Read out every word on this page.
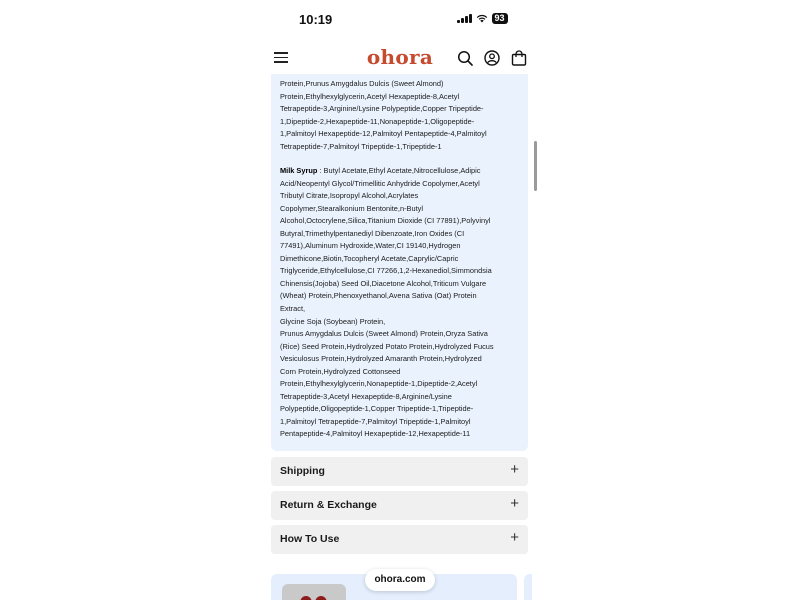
10:19	93
ohora
Protein,Prunus Amygdalus Dulcis (Sweet Almond)
Protein,Ethylhexylglycerin,Acetyl Hexapeptide-8,Acetyl
Tetrapeptide-3,Arginine/Lysine Polypeptide,Copper Tripeptide-
1,Dipeptide-2,Hexapeptide-11,Nonapeptide-1,Oligopeptide-
1,Palmitoyl Hexapeptide-12,Palmitoyl Pentapeptide-4,Palmitoyl
Tetrapeptide-7,Palmitoyl Tripeptide-1,Tripeptide-1
Milk Syrup : Butyl Acetate,Ethyl Acetate,Nitrocellulose,Adipic
Acid/Neopentyl Glycol/Trimellitic Anhydride Copolymer,Acetyl
Tributyl Citrate,Isopropyl Alcohol,Acrylates
Copolymer,Stearalkonium Bentonite,n-Butyl
Alcohol,Octocrylene,Silica,Titanium Dioxide (CI 77891),Polyvinyl
Butyral,Trimethylpentanediyl Dibenzoate,Iron Oxides (CI
77491),Aluminum Hydroxide,Water,CI 19140,Hydrogen
Dimethicone,Biotin,Tocopheryl Acetate,Caprylic/Capric
Triglyceride,Ethylcellulose,CI 77266,1,2-Hexanediol,Simmondsia
Chinensis(Jojoba) Seed Oil,Diacetone Alcohol,Triticum Vulgare
(Wheat) Protein,Phenoxyethanol,Avena Sativa (Oat) Protein
Extract,
Glycine Soja (Soybean) Protein,
Prunus Amygdalus Dulcis (Sweet Almond) Protein,Oryza Sativa
(Rice) Seed Protein,Hydrolyzed Potato Protein,Hydrolyzed Fucus
Vesiculosus Protein,Hydrolyzed Amaranth Protein,Hydrolyzed
Corn Protein,Hydrolyzed Cottonseed
Protein,Ethylhexylglycerin,Nonapeptide-1,Dipeptide-2,Acetyl
Tetrapeptide-3,Acetyl Hexapeptide-8,Arginine/Lysine
Polypeptide,Oligopeptide-1,Copper Tripeptide-1,Tripeptide-
1,Palmitoyl Tetrapeptide-7,Palmitoyl Tripeptide-1,Palmitoyl
Pentapeptide-4,Palmitoyl Hexapeptide-12,Hexapeptide-11
Shipping	+
Return & Exchange	+
How To Use	+
ohora.com
